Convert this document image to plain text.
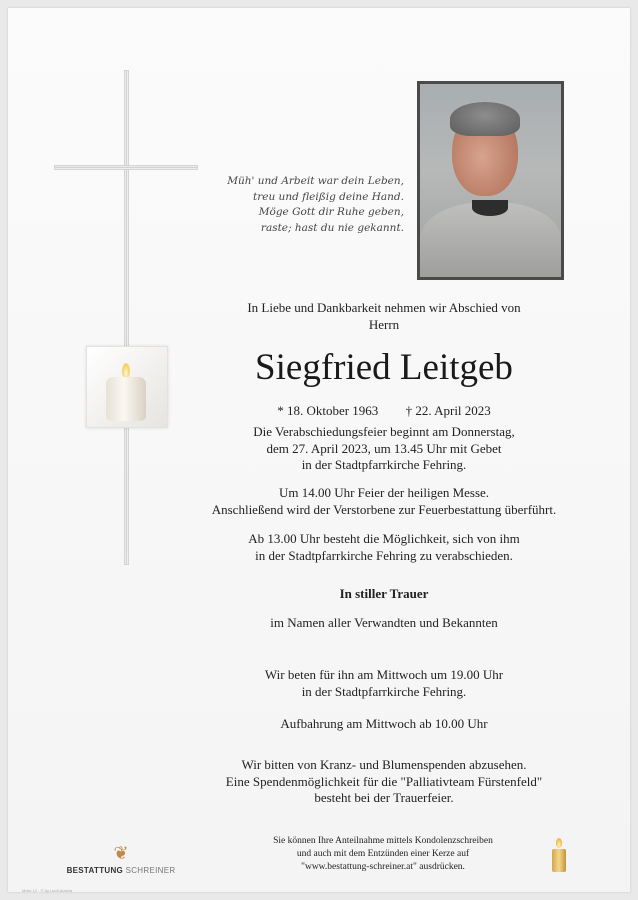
Müh' und Arbeit war dein Leben,
treu und fleißig deine Hand.
Möge Gott dir Ruhe geben,
raste; hast du nie gekannt.
In Liebe und Dankbarkeit nehmen wir Abschied von
Herrn
Siegfried Leitgeb
* 18. Oktober 1963 † 22. April 2023
Die Verabschiedungsfeier beginnt am Donnerstag,
dem 27. April 2023, um 13.45 Uhr mit Gebet
in der Stadtpfarrkirche Fehring.
Um 14.00 Uhr Feier der heiligen Messe.
Anschließend wird der Verstorbene zur Feuerbestattung überführt.
Ab 13.00 Uhr besteht die Möglichkeit, sich von ihm
in der Stadtpfarrkirche Fehring zu verabschieden.
In stiller Trauer
im Namen aller Verwandten und Bekannten
Wir beten für ihn am Mittwoch um 19.00 Uhr
in der Stadtpfarrkirche Fehring.
Aufbahrung am Mittwoch ab 10.00 Uhr
Wir bitten von Kranz- und Blumenspenden abzusehen.
Eine Spendenmöglichkeit für die "Palliativteam Fürstenfeld"
besteht bei der Trauerfeier.
❦
BESTATTUNG SCHREINER
Sie können Ihre Anteilnahme mittels Kondolenzschreiben
und auch mit dem Entzünden einer Kerze auf
"www.bestattung-schreiner.at" ausdrücken.
Motiv 12 · © by Lindt Austria
